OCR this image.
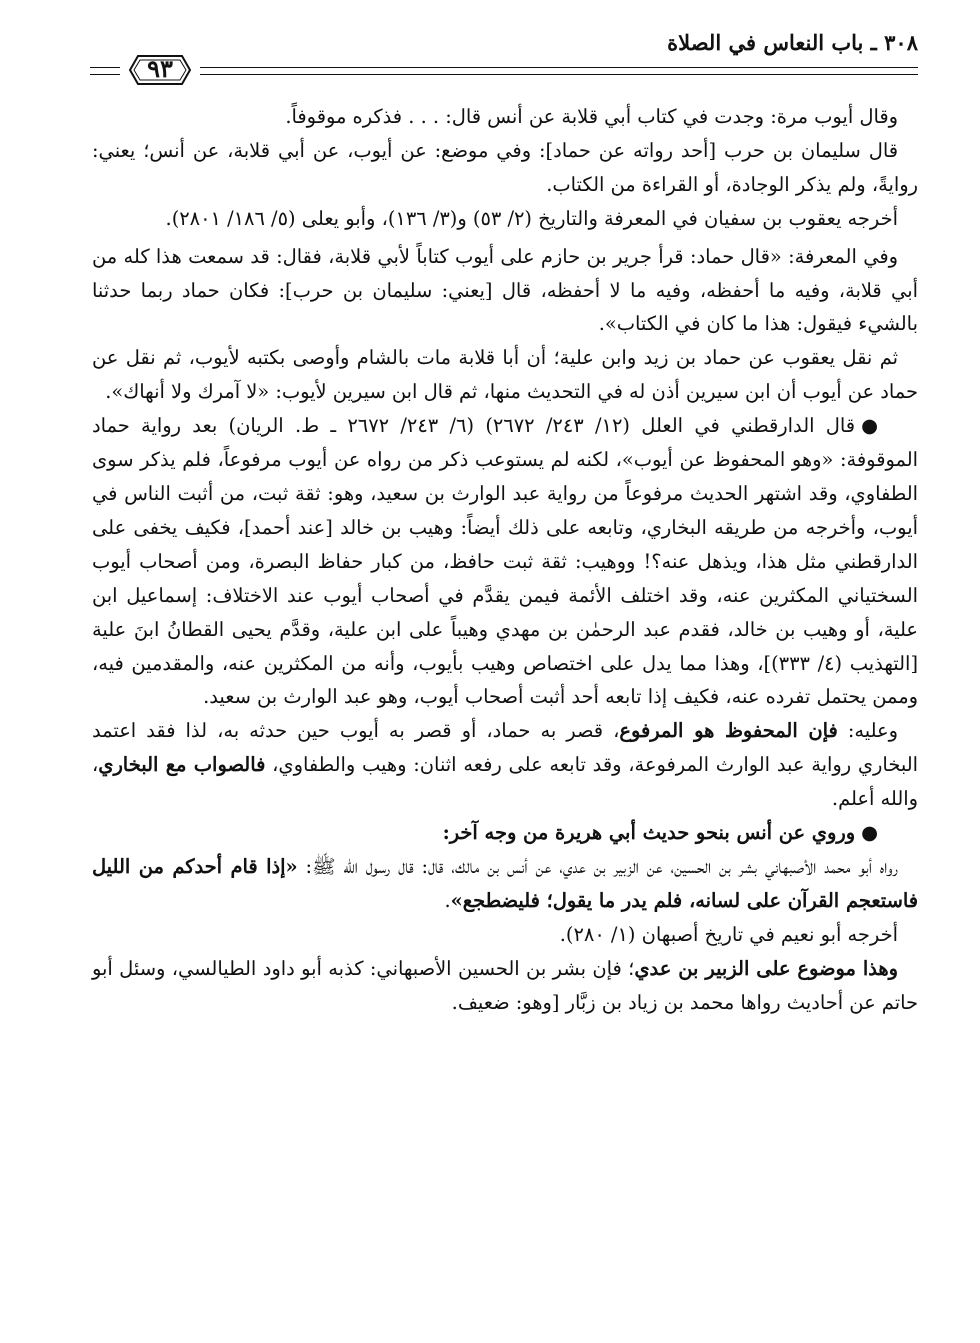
٣٠٨ ـ باب النعاس في الصلاة
٩٣

وقال أيوب مرة: وجدت في كتاب أبي قلابة عن أنس قال: . . . فذكره موقوفاً.

قال سليمان بن حرب [أحد رواته عن حماد]: وفي موضع: عن أيوب، عن أبي قلابة، عن أنس؛ يعني: روايةً، ولم يذكر الوجادة، أو القراءة من الكتاب.

أخرجه يعقوب بن سفيان في المعرفة والتاريخ (٢/ ٥٣) و(٣/ ١٣٦)، وأبو يعلى (٥/ ١٨٦/ ٢٨٠١).

وفي المعرفة: «قال حماد: قرأ جرير بن حازم على أيوب كتاباً لأبي قلابة، فقال: قد سمعت هذا كله من أبي قلابة، وفيه ما أحفظه، وفيه ما لا أحفظه، قال [يعني: سليمان بن حرب]: فكان حماد ربما حدثنا بالشيء فيقول: هذا ما كان في الكتاب».

ثم نقل يعقوب عن حماد بن زيد وابن علية؛ أن أبا قلابة مات بالشام وأوصى بكتبه لأيوب، ثم نقل عن حماد عن أيوب أن ابن سيرين أذن له في التحديث منها، ثم قال ابن سيرين لأيوب: «لا آمرك ولا أنهاك».

●قال الدارقطني في العلل (١٢/ ٢٤٣/ ٢٦٧٢) (٦/ ٢٤٣/ ٢٦٧٢ ـ ط. الريان) بعد رواية حماد الموقوفة: «وهو المحفوظ عن أيوب»، لكنه لم يستوعب ذكر من رواه عن أيوب مرفوعاً، فلم يذكر سوى الطفاوي، وقد اشتهر الحديث مرفوعاً من رواية عبد الوارث بن سعيد، وهو: ثقة ثبت، من أثبت الناس في أيوب، وأخرجه من طريقه البخاري، وتابعه على ذلك أيضاً: وهيب بن خالد [عند أحمد]، فكيف يخفى على الدارقطني مثل هذا، ويذهل عنه؟! ووهيب: ثقة ثبت حافظ، من كبار حفاظ البصرة، ومن أصحاب أيوب السختياني المكثرين عنه، وقد اختلف الأئمة فيمن يقدَّم في أصحاب أيوب عند الاختلاف: إسماعيل ابن علية، أو وهيب بن خالد، فقدم عبد الرحمٰن بن مهدي وهيباً على ابن علية، وقدَّم يحيى القطانُ ابنَ علية [التهذيب (٤/ ٣٣٣)]، وهذا مما يدل على اختصاص وهيب بأيوب، وأنه من المكثرين عنه، والمقدمين فيه، وممن يحتمل تفرده عنه، فكيف إذا تابعه أحد أثبت أصحاب أيوب، وهو عبد الوارث بن سعيد.

وعليه: فإن المحفوظ هو المرفوع، قصر به حماد، أو قصر به أيوب حين حدثه به، لذا فقد اعتمد البخاري رواية عبد الوارث المرفوعة، وقد تابعه على رفعه اثنان: وهيب والطفاوي، فالصواب مع البخاري، والله أعلم.

●وروي عن أنس بنحو حديث أبي هريرة من وجه آخر:

رواه أبو محمد الأصبهاني بشر بن الحسين، عن الزبير بن عدي، عن أنس بن مالك، قال: قال رسول الله ﷺ: «إذا قام أحدكم من الليل فاستعجم القرآن على لسانه، فلم يدر ما يقول؛ فليضطجع».

أخرجه أبو نعيم في تاريخ أصبهان (١/ ٢٨٠).

وهذا موضوع على الزبير بن عدي؛ فإن بشر بن الحسين الأصبهاني: كذبه أبو داود الطيالسي، وسئل أبو حاتم عن أحاديث رواها محمد بن زياد بن زبَّار [وهو: ضعيف.
